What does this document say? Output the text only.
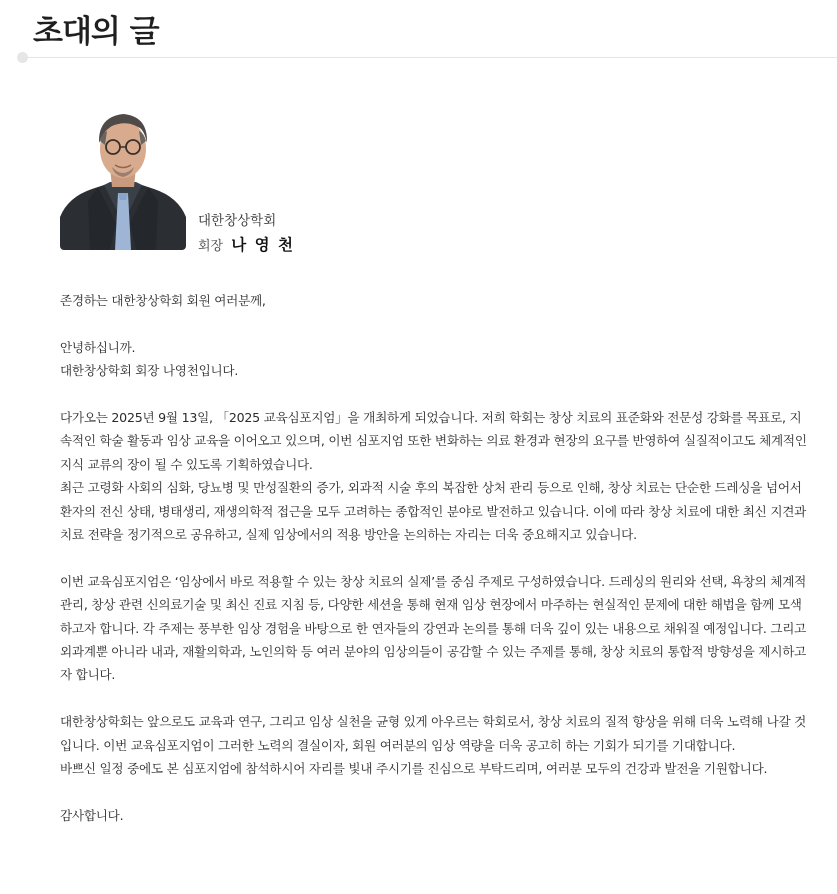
초대의 글
대한창상학회
회장 나 영 천

존경하는 대한창상학회 회원 여러분께,

안녕하십니까.
대한창상학회 회장 나영천입니다.

다가오는 2025년 9월 13일, 「2025 교육심포지엄」을 개최하게 되었습니다. 저희 학회는 창상 치료의 표준화와 전문성 강화를 목표로, 지속적인 학술 활동과 임상 교육을 이어오고 있으며, 이번 심포지엄 또한 변화하는 의료 환경과 현장의 요구를 반영하여 실질적이고도 체계적인 지식 교류의 장이 될 수 있도록 기획하였습니다.
최근 고령화 사회의 심화, 당뇨병 및 만성질환의 증가, 외과적 시술 후의 복잡한 상처 관리 등으로 인해, 창상 치료는 단순한 드레싱을 넘어서 환자의 전신 상태, 병태생리, 재생의학적 접근을 모두 고려하는 종합적인 분야로 발전하고 있습니다. 이에 따라 창상 치료에 대한 최신 지견과 치료 전략을 정기적으로 공유하고, 실제 임상에서의 적용 방안을 논의하는 자리는 더욱 중요해지고 있습니다.

이번 교육심포지엄은 ‘임상에서 바로 적용할 수 있는 창상 치료의 실제’를 중심 주제로 구성하였습니다. 드레싱의 원리와 선택, 욕창의 체계적 관리, 창상 관련 신의료기술 및 최신 진료 지침 등, 다양한 세션을 통해 현재 임상 현장에서 마주하는 현실적인 문제에 대한 해법을 함께 모색하고자 합니다. 각 주제는 풍부한 임상 경험을 바탕으로 한 연자들의 강연과 논의를 통해 더욱 깊이 있는 내용으로 채워질 예정입니다. 그리고 외과계뿐 아니라 내과, 재활의학과, 노인의학 등 여러 분야의 임상의들이 공감할 수 있는 주제를 통해, 창상 치료의 통합적 방향성을 제시하고자 합니다.

대한창상학회는 앞으로도 교육과 연구, 그리고 임상 실천을 균형 있게 아우르는 학회로서, 창상 치료의 질적 향상을 위해 더욱 노력해 나갈 것입니다. 이번 교육심포지엄이 그러한 노력의 결실이자, 회원 여러분의 임상 역량을 더욱 공고히 하는 기회가 되기를 기대합니다.
바쁘신 일정 중에도 본 심포지엄에 참석하시어 자리를 빛내 주시기를 진심으로 부탁드리며, 여러분 모두의 건강과 발전을 기원합니다.

감사합니다.
